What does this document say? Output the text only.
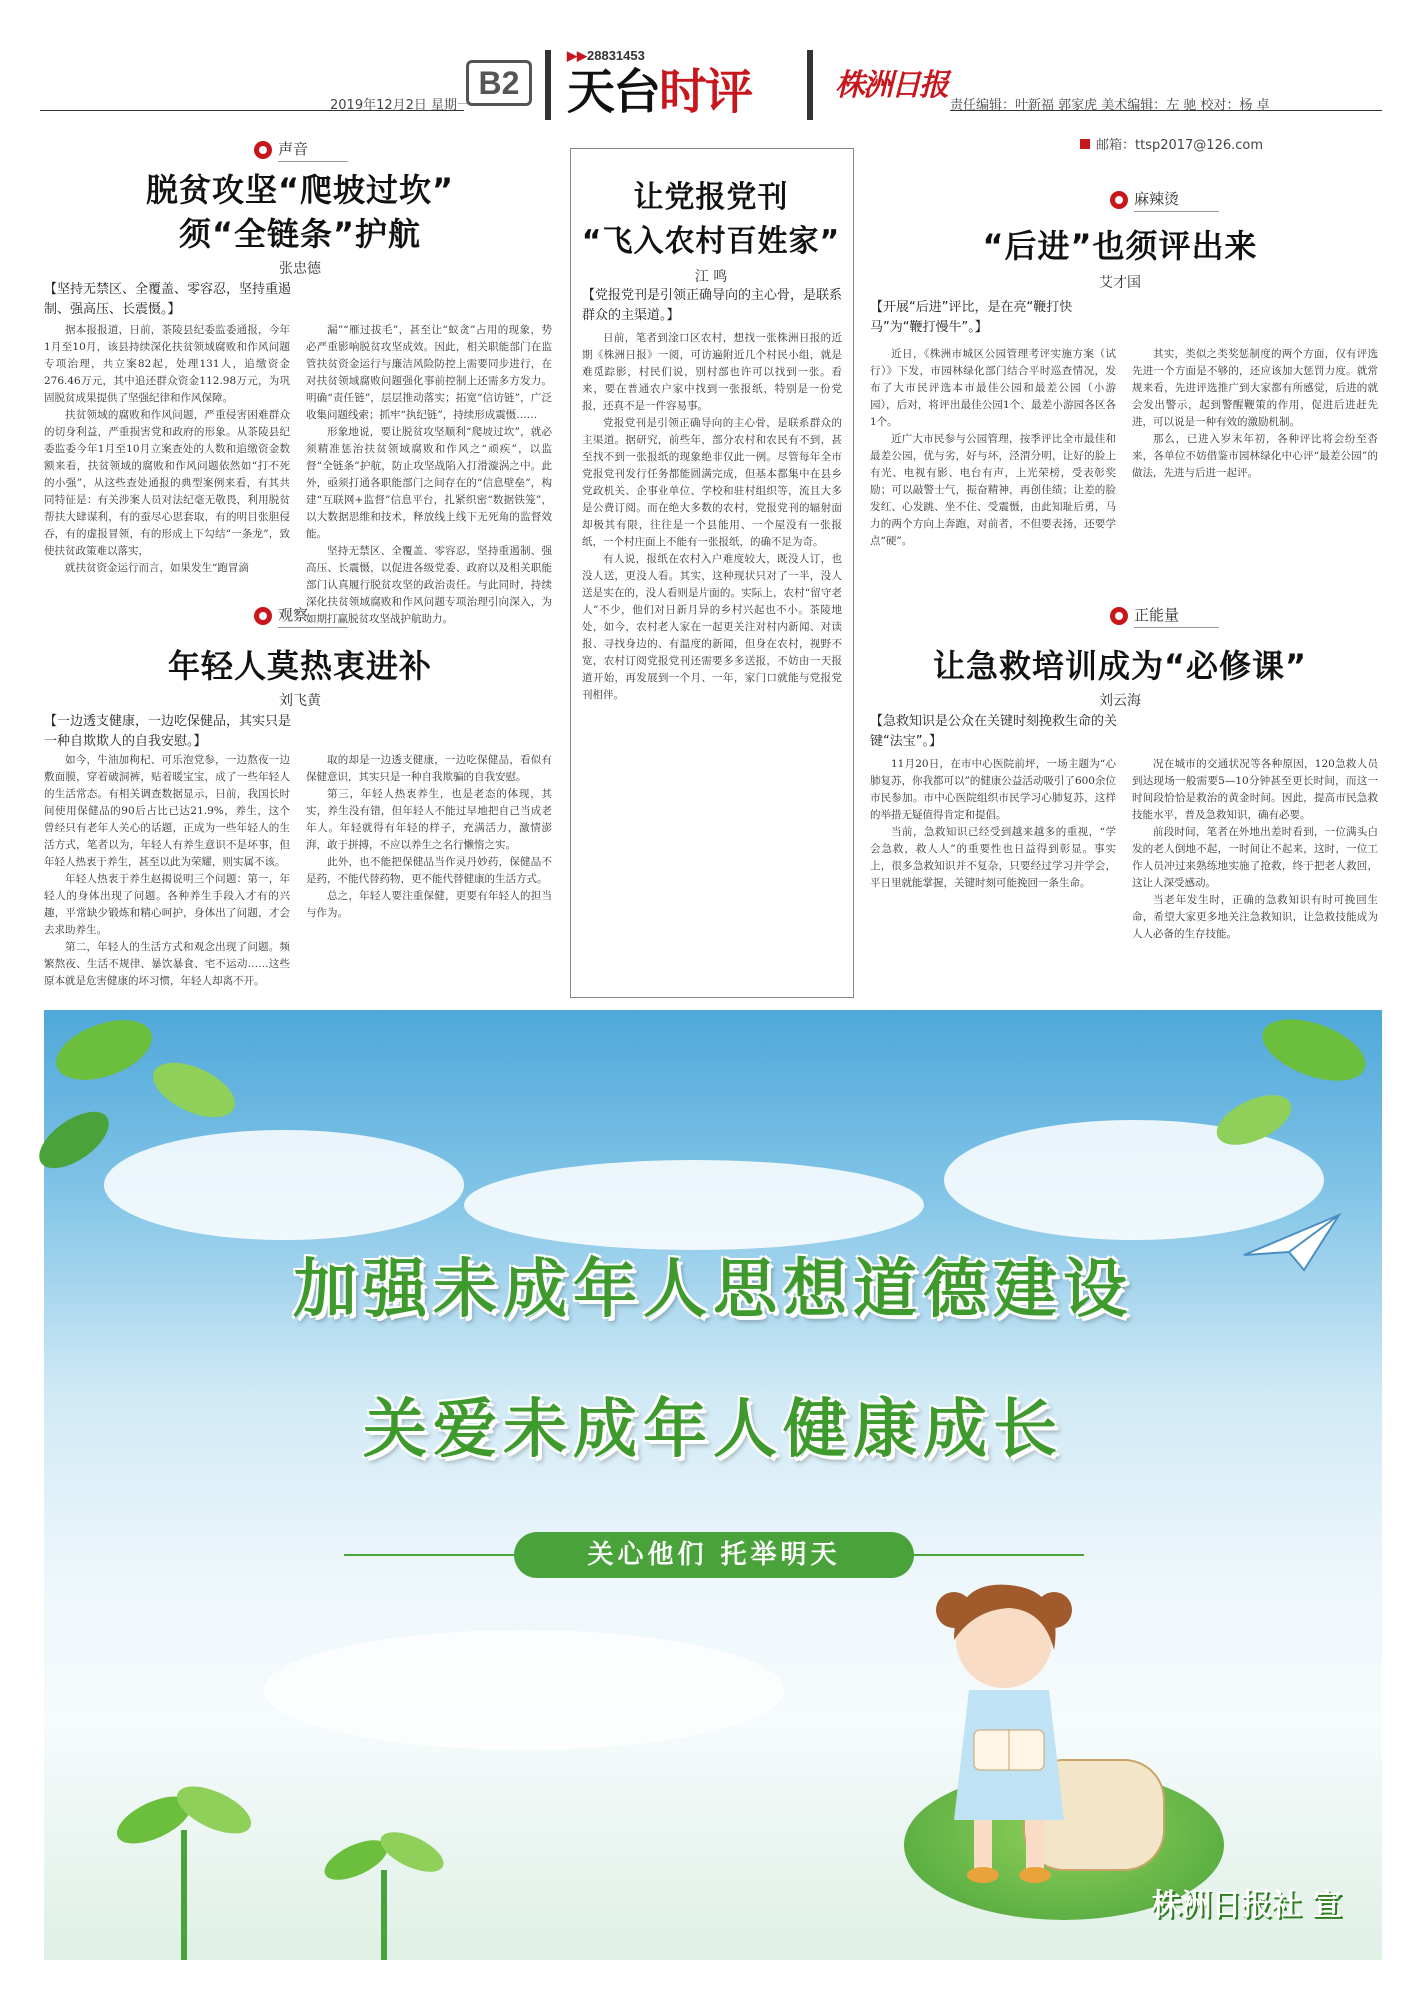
2019年12月2日 星期一
B2
▶▶28831453
天台时评	株洲日报
责任编辑：叶新福 郭家虎 美术编辑：左 驰 校对：杨 卓
邮箱：ttsp2017@126.com
声音
脱贫攻坚“爬坡过坎”
须“全链条”护航
张忠德
【坚持无禁区、全覆盖、零容忍，坚持重遏制、强高压、长震慑。】

据本报报道，日前，茶陵县纪委监委通报，今年1月至10月，该县持续深化扶贫领域腐败和作风问题专项治理，共立案82起，处理131人，追缴资金276.46万元，其中追还群众资金112.98万元，为巩固脱贫成果提供了坚强纪律和作风保障。

扶贫领域的腐败和作风问题，严重侵害困难群众的切身利益，严重损害党和政府的形象。从茶陵县纪委监委今年1月至10月立案查处的人数和追缴资金数额来看，扶贫领域的腐败和作风问题依然如“打不死的小强”，从这些查处通报的典型案例来看，有其共同特征是：有关涉案人员对法纪毫无敬畏，利用脱贫帮扶大肆谋利，有的蚕尽心思套取，有的明目张胆侵吞，有的虚报冒领，有的形成上下勾结“一条龙”，致使扶贫政策难以落实，

就扶贫资金运行而言，如果发生“跑冒滴

漏”“雁过拔毛”，甚至让“蚁贪”占用的现象，势必严重影响脱贫攻坚成效。因此，相关职能部门在监管扶贫资金运行与廉洁风险防控上需要同步进行，在对扶贫领域腐败问题强化事前控制上还需多方发力。明确“责任链”，层层推动落实；拓宽“信访链”，广泛收集问题线索；抓牢“执纪链”，持续形成震慑……

形象地说，要让脱贫攻坚顺利“爬坡过坎”，就必须精准惩治扶贫领域腐败和作风之“顽疾”，以监督“全链条”护航，防止攻坚战陷入打滑漩涡之中。此外，亟须打通各职能部门之间存在的“信息壁垒”，构建“互联网+监督”信息平台，扎紧织密“数据铁笼”，以大数据思维和技术，释放线上线下无死角的监督效能。

坚持无禁区、全覆盖、零容忍，坚持重遏制、强高压、长震慑，以促进各级党委、政府以及相关职能部门认真履行脱贫攻坚的政治责任。与此同时，持续深化扶贫领域腐败和作风问题专项治理引向深入，为如期打赢脱贫攻坚战护航助力。

观察
年轻人莫热衷进补
刘飞黄
【一边透支健康，一边吃保健品，其实只是一种自欺欺人的自我安慰。】

如今，牛油加枸杞、可乐泡党参，一边熬夜一边敷面膜，穿着破洞裤，贴着暖宝宝，成了一些年轻人的生活常态。有相关调查数据显示，日前，我国长时间使用保健品的90后占比已达21.9%，养生，这个曾经只有老年人关心的话题，正成为一些年轻人的生活方式，笔者以为，年轻人有养生意识不是坏事，但年轻人热衷于养生，甚至以此为荣耀，则实属不该。

年轻人热衷于养生赵揭说明三个问题：第一，年轻人的身体出现了问题。各种养生手段入才有的兴趣，平常缺少锻炼和精心呵护，身体出了问题，才会去求助养生。

第二，年轻人的生活方式和观念出现了问题。频繁熬夜、生活不规律、暴饮暴食、宅不运动……这些原本就是危害健康的坏习惯，年轻人却离不开。

取的却是一边透支健康，一边吃保健品，看似有保健意识，其实只是一种自我欺骗的自我安慰。

第三，年轻人热衷养生，也是老态的体现，其实，养生没有错，但年轻人不能过早地把自己当成老年人。年轻就得有年轻的样子，充满活力，激情澎湃，敢于拼搏，不应以养生之名行懒惰之实。

此外，也不能把保健品当作灵丹妙药，保健品不是药，不能代替药物，更不能代替健康的生活方式。

总之，年轻人要注重保健，更要有年轻人的担当与作为。

让党报党刊
“飞入农村百姓家”
江 鸣
【党报党刊是引领正确导向的主心骨，是联系群众的主渠道。】

日前，笔者到淦口区农村，想找一张株洲日报的近期《株洲日报》一阅，可访遍附近几个村民小组，就是难觅踪影，村民们说，别村部也许可以找到一张。看来，要在普通农户家中找到一张报纸，特别是一份党报，还真不是一件容易事。

党报党刊是引领正确导向的主心骨，是联系群众的主渠道。据研究，前些年，部分农村和农民有不到，甚至找不到一张报纸的现象绝非仅此一例。尽管每年全市党报党刊发行任务都能圆满完成，但基本都集中在县乡党政机关、企事业单位、学校和驻村组织等，流且大多是公费订阅。而在绝大多数的农村，党报党刊的辐射面却极其有限，往往是一个县能用、一个屋没有一张报纸，一个村庄面上不能有一张报纸，的确不足为奇。

有人说，报纸在农村入户难度较大，既没人订，也没人送，更没人看。其实，这种现状只对了一半，没人送是实在的，没人看则是片面的。实际上，农村“留守老人”不少，他们对日新月异的乡村兴起也不小。茶陵地处，如今，农村老人家在一起更关注对村内新闻、对读报、寻找身边的、有温度的新闻，但身在农村，视野不宽，农村订阅党报党刊还需要多多送报，不妨由一天报道开始，再发展到一个月、一年，家门口就能与党报党刊相伴。

麻辣烫
“后进”也须评出来
艾才国
【开展“后进”评比，是在亮“鞭打快马”为“鞭打慢牛”。】

近日，《株洲市城区公园管理考评实施方案（试行）》下发，市园林绿化部门结合平时巡查情况，发布了大市民评选本市最佳公园和最差公园（小游园），后对，将评出最佳公园1个、最差小游园各区各1个。

近广大市民参与公园管理，按季评比全市最佳和最差公园，优与劣，好与坏，泾渭分明，让好的脸上有光、电视有影、电台有声，上光荣榜，受表彰奖励；可以敲警士气，振奋精神，再创佳绩；让差的脸发红、心发跳、坐不住、受震慑，由此知耻后勇，马力的两个方向上奔跑，对前者，不但要表扬，还要学点“硬”。

其实，类似之类奖惩制度的两个方面，仅有评选先进一个方面是不够的，还应该加大惩罚力度。就常规来看，先进评选推广到大家都有所感觉，后进的就会发出警示，起到警醒鞭策的作用，促进后进赶先进，可以说是一种有效的激励机制。

那么，已进入岁末年初，各种评比将会纷至沓来，各单位不妨借鉴市园林绿化中心评“最差公园”的做法，先进与后进一起评。

正能量
让急救培训成为“必修课”
刘云海
【急救知识是公众在关键时刻挽救生命的关键“法宝”。】

11月20日，在市中心医院前坪，一场主题为“心肺复苏，你我都可以”的健康公益活动吸引了600余位市民参加。市中心医院组织市民学习心肺复苏，这样的举措无疑值得肯定和提倡。

当前，急救知识已经受到越来越多的重视，“学会急救，救人人”的重要性也日益得到彰显。事实上，很多急救知识并不复杂，只要经过学习并学会，平日里就能掌握，关键时刻可能挽回一条生命。

况在城市的交通状况等各种原因，120急救人员到达现场一般需要5—10分钟甚至更长时间，而这一时间段恰恰是救治的黄金时间。因此，提高市民急救技能水平，普及急救知识，确有必要。

前段时间，笔者在外地出差时看到，一位满头白发的老人倒地不起，一时间让不起来，这时，一位工作人员冲过来熟练地实施了抢救，终于把老人救回，这让人深受感动。

当老年发生时，正确的急救知识有时可挽回生命，希望大家更多地关注急救知识，让急救技能成为人人必备的生存技能。

加强未成年人思想道德建设
关爱未成年人健康成长
关心他们 托举明天
株洲日报社 宣
